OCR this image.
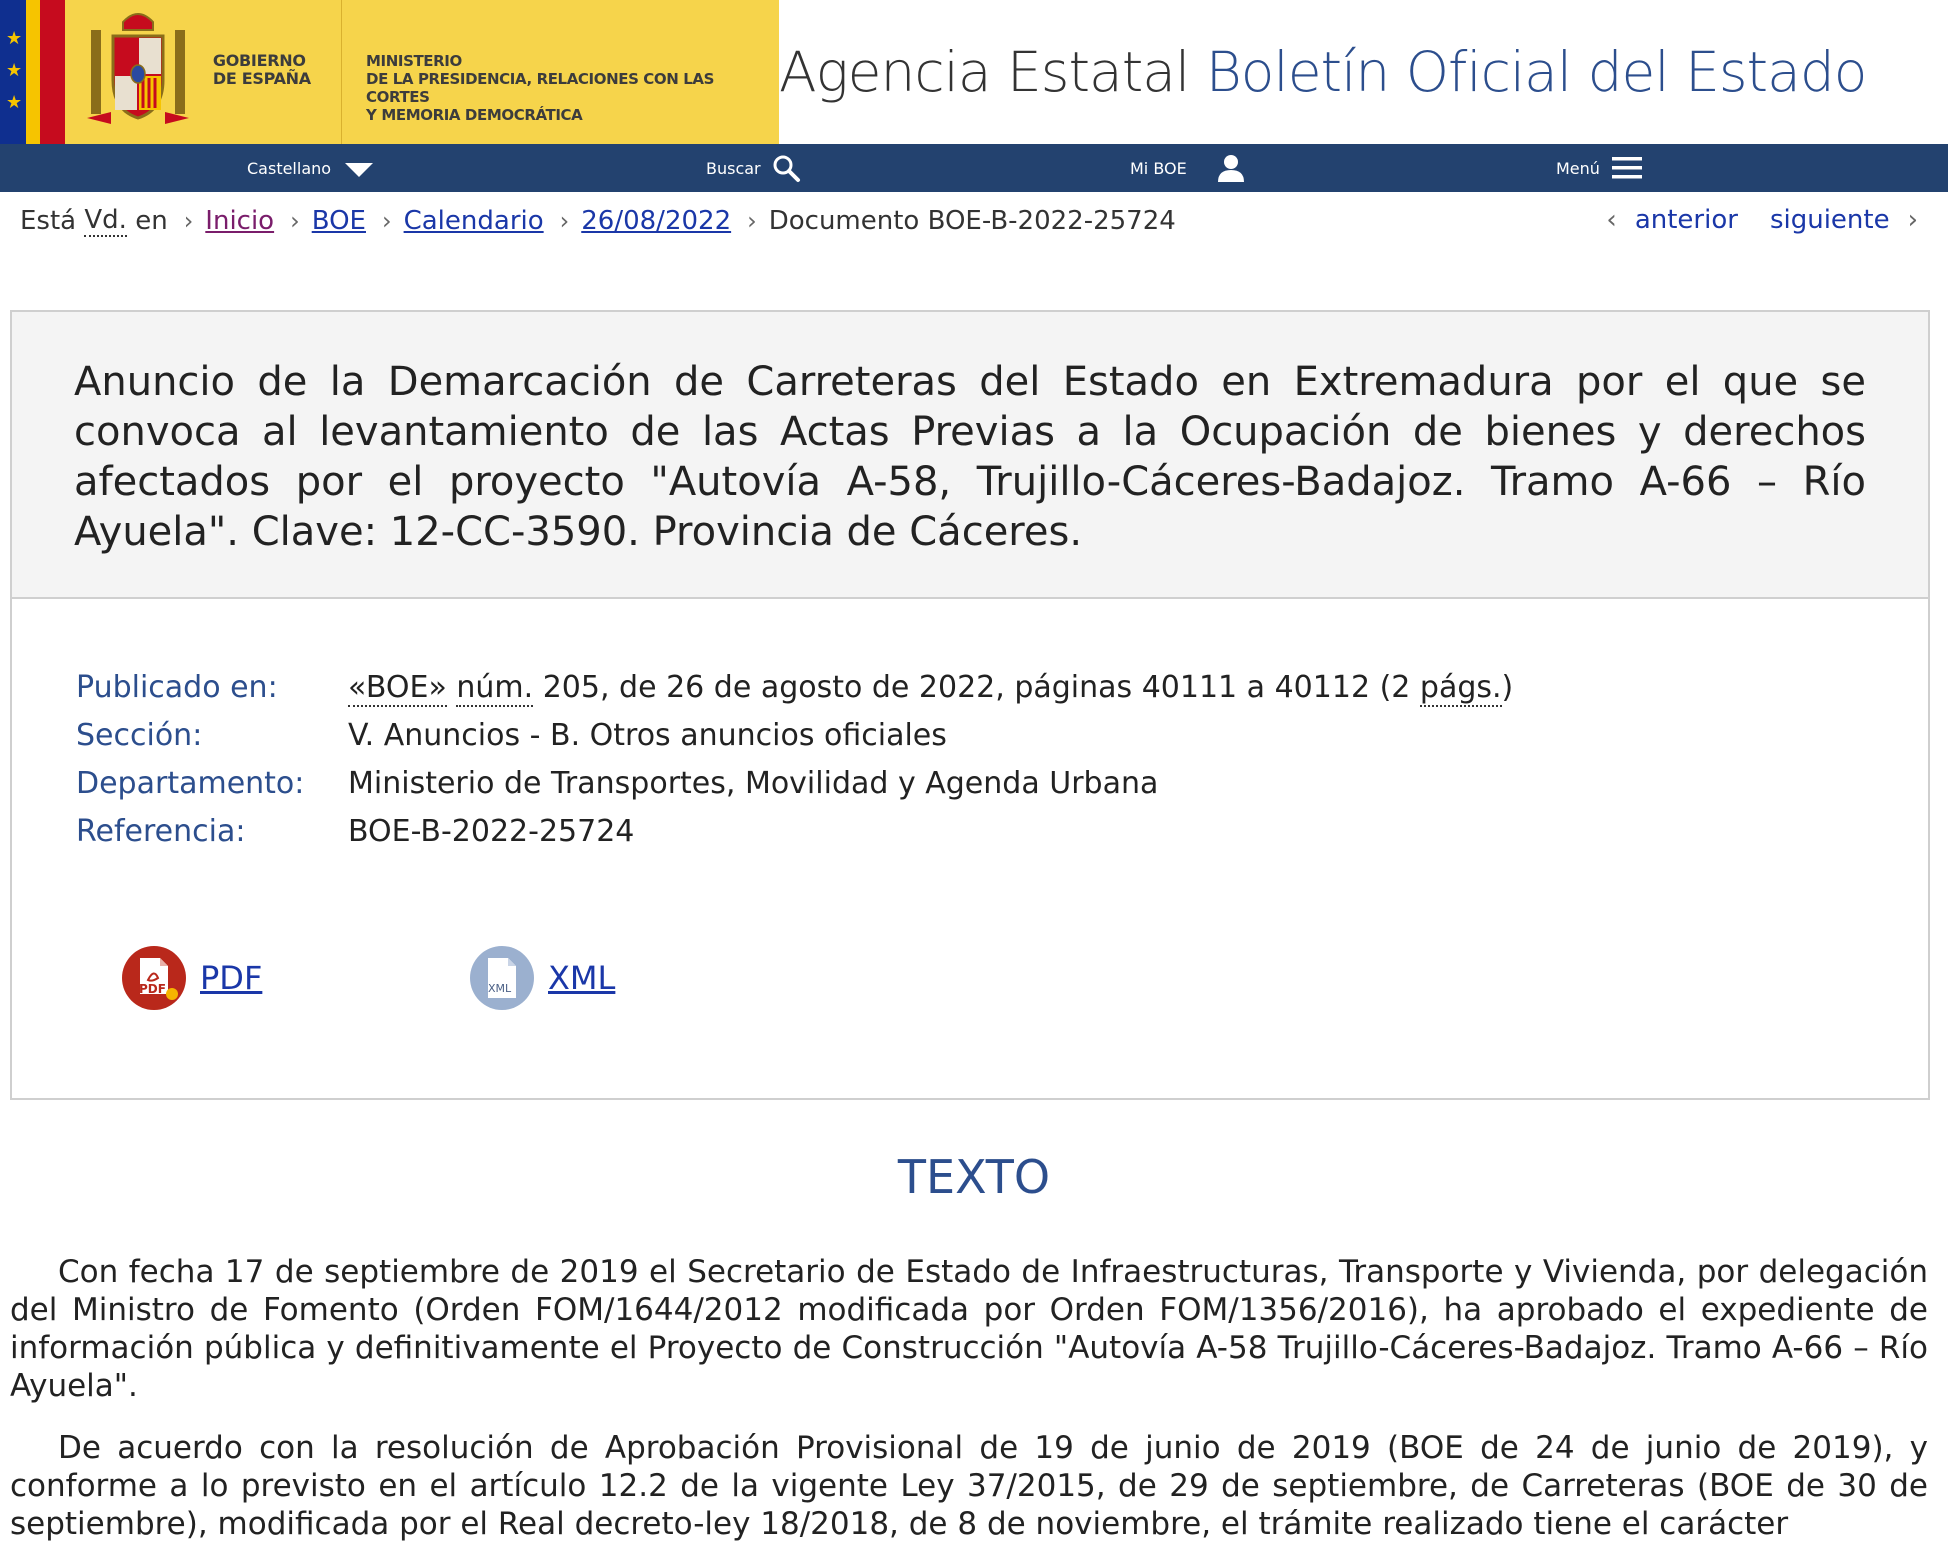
★
★
★
GOBIERNO
DE ESPAÑA
MINISTERIO
DE LA PRESIDENCIA, RELACIONES CON LAS CORTES
Y MEMORIA DEMOCRÁTICA
Agencia Estatal Boletín Oficial del Estado
Castellano	Buscar	Mi BOE	Menú
Está
Vd.
en › Inicio › BOE › Calendario › 26/08/2022 › Documento BOE-B-2022-25724	‹ anterior siguiente ›
Anuncio de la Demarcación de Carreteras del Estado en Extremadura por el que se convoca al levantamiento de las Actas Previas a la Ocupación de bienes y derechos afectados por el proyecto "Autovía A-58, Trujillo-Cáceres-Badajoz. Tramo A-66 – Río Ayuela". Clave: 12-CC-3590. Provincia de Cáceres.
Publicado en:	«BOE» núm. 205, de 26 de agosto de 2022, páginas 40111 a 40112 (2 págs.)
Sección:	V. Anuncios - B. Otros anuncios oficiales
Departamento:	Ministerio de Transportes, Movilidad y Agenda Urbana
Referencia:	BOE-B-2022-25724
PDF PDF	XML XML
TEXTO

Con fecha 17 de septiembre de 2019 el Secretario de Estado de Infraestructuras, Transporte y Vivienda, por delegación del Ministro de Fomento (Orden FOM/1644/2012 modificada por Orden FOM/1356/2016), ha aprobado el expediente de información pública y definitivamente el Proyecto de Construcción "Autovía A-58 Trujillo-Cáceres-Badajoz. Tramo A-66 – Río Ayuela".

De acuerdo con la resolución de Aprobación Provisional de 19 de junio de 2019 (BOE de 24 de junio de 2019), y conforme a lo previsto en el artículo 12.2 de la vigente Ley 37/2015, de 29 de septiembre, de Carreteras (BOE de 30 de septiembre), modificada por el Real decreto-ley 18/2018, de 8 de noviembre, el trámite realizado tiene el carácter
